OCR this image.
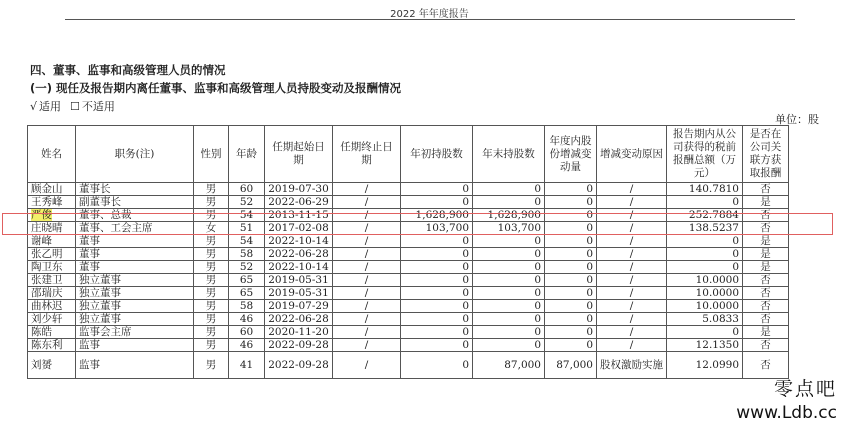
2022 年年度报告
四、董事、监事和高级管理人员的情况
(一) 现任及报告期内离任董事、监事和高级管理人员持股变动及报酬情况
√ 适用 ☐ 不适用
单位：股
姓名	职务(注)	性别	年龄	任期起始日期	任期终止日期	年初持股数	年末持股数	年度内股份增减变动量	增减变动原因	报告期内从公司获得的税前报酬总额（万元）	是否在公司关联方获取报酬
顾金山	董事长	男	60	2019-07-30	/	0	0	0	/	140.7810	否
王秀峰	副董事长	男	52	2022-06-29	/	0	0	0	/	0	是
严俊	董事、总裁	男	54	2013-11-15	/	1,628,900	1,628,900	0	/	252.7884	否
庄晓晴	董事、工会主席	女	51	2017-02-08	/	103,700	103,700	0	/	138.5237	否
谢峰	董事	男	54	2022-10-14	/	0	0	0	/	0	是
张乙明	董事	男	58	2022-06-28	/	0	0	0	/	0	是
陶卫东	董事	男	52	2022-10-14	/	0	0	0	/	0	是
张建卫	独立董事	男	65	2019-05-31	/	0	0	0	/	10.0000	否
邵瑞庆	独立董事	男	65	2019-05-31	/	0	0	0	/	10.0000	否
曲林迟	独立董事	男	58	2019-07-29	/	0	0	0	/	10.0000	否
刘少轩	独立董事	男	46	2022-06-28	/	0	0	0	/	5.0833	否
陈皓	监事会主席	男	60	2020-11-20	/	0	0	0	/	0	是
陈东利	监事	男	46	2022-09-28	/	0	0	0	/	12.1350	否
刘赟	监事	男	41	2022-09-28	/	0	87,000	87,000	股权激励实施	12.0990	否
零点吧
www.Ldb.cc
